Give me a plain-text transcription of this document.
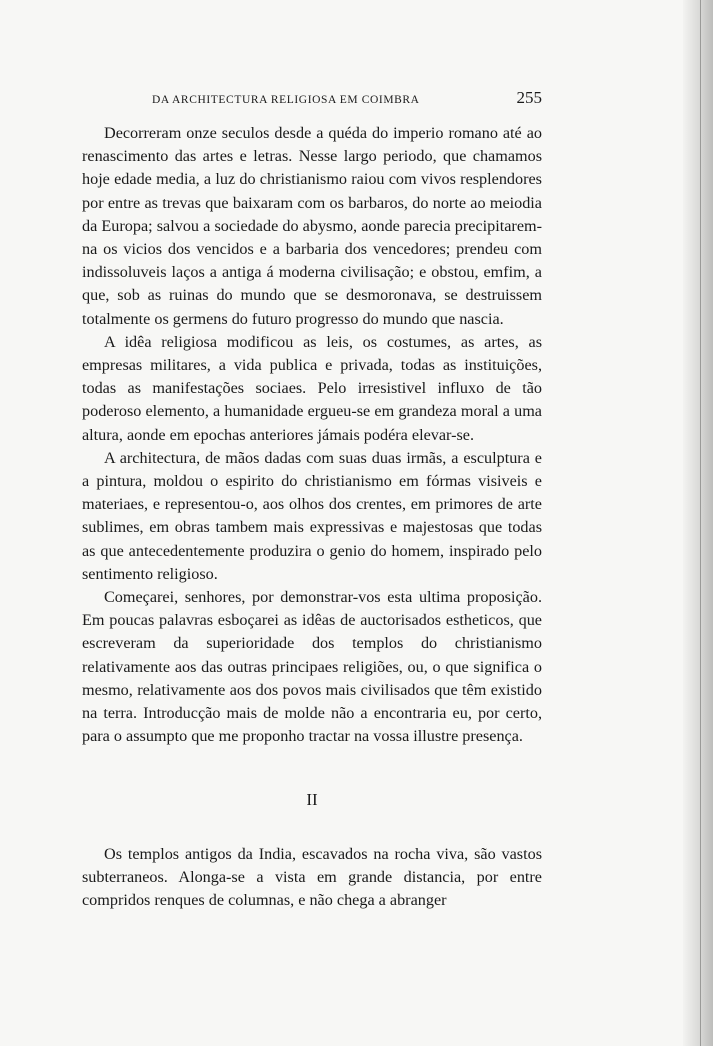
DA ARCHITECTURA RELIGIOSA EM COIMBRA	255

Decorreram onze seculos desde a quéda do imperio romano até ao renascimento das artes e letras. Nesse largo periodo, que chamamos hoje edade media, a luz do christianismo raiou com vivos resplendores por entre as trevas que baixaram com os barbaros, do norte ao meiodia da Europa; salvou a sociedade do abysmo, aonde parecia precipitarem-na os vicios dos vencidos e a barbaria dos vencedores; prendeu com indissoluveis laços a antiga á moderna civilisação; e obstou, emfim, a que, sob as ruinas do mundo que se desmoronava, se destruissem totalmente os germens do futuro progresso do mundo que nascia.

A idêa religiosa modificou as leis, os costumes, as artes, as empresas militares, a vida publica e privada, todas as instituições, todas as manifestações sociaes. Pelo irresistivel influxo de tão poderoso elemento, a humanidade ergueu-se em grandeza moral a uma altura, aonde em epochas anteriores jámais podéra elevar-se.

A architectura, de mãos dadas com suas duas irmãs, a esculptura e a pintura, moldou o espirito do christianismo em fórmas visiveis e materiaes, e representou-o, aos olhos dos crentes, em primores de arte sublimes, em obras tambem mais expressivas e majestosas que todas as que antecedentemente produzira o genio do homem, inspirado pelo sentimento religioso.

Começarei, senhores, por demonstrar-vos esta ultima proposição. Em poucas palavras esboçarei as idêas de auctorisados estheticos, que escreveram da superioridade dos templos do christianismo relativamente aos das outras principaes religiões, ou, o que significa o mesmo, relativamente aos dos povos mais civilisados que têm existido na terra. Introducção mais de molde não a encontraria eu, por certo, para o assumpto que me proponho tractar na vossa illustre presença.

II

Os templos antigos da India, escavados na rocha viva, são vastos subterraneos. Alonga-se a vista em grande distancia, por entre compridos renques de columnas, e não chega a abranger
